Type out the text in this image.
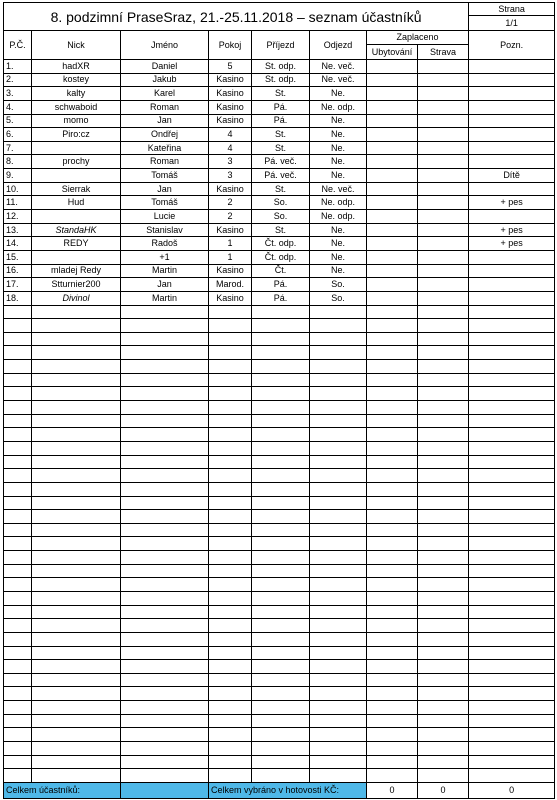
8. podzimní PraseSraz, 21.-25.11.2018 – seznam účastníků								Strana
								1/1
P.Č.	Nick	Jméno	Pokoj	Příjezd	Odjezd	Zaplaceno		Pozn.
						Ubytování	Strava	
1.	hadXR	Daniel	5	St. odp.	Ne. več.			
2.	kostey	Jakub	Kasino	St. odp.	Ne. več.			
3.	kalty	Karel	Kasino	St.	Ne.			
4.	schwaboid	Roman	Kasino	Pá.	Ne. odp.			
5.	momo	Jan	Kasino	Pá.	Ne.			
6.	Piro:cz	Ondřej	4	St.	Ne.			
7.		Kateřina	4	St.	Ne.			
8.	prochy	Roman	3	Pá. več.	Ne.			
9.		Tomáš	3	Pá. več.	Ne.			Dítě
10.	Sierrak	Jan	Kasino	St.	Ne. več.			
11.	Hud	Tomáš	2	So.	Ne. odp.			+ pes
12.		Lucie	2	So.	Ne. odp.			
13.	StandaHK	Stanislav	Kasino	St.	Ne.			+ pes
14.	REDY	Radoš	1	Čt. odp.	Ne.			+ pes
15.		+1	1	Čt. odp.	Ne.			
16.	mladej Redy	Martin	Kasino	Čt.	Ne.			
17.	Stturnier200	Jan	Marod.	Pá.	So.			
18.	Divinol	Martin	Kasino	Pá.	So.			

Celkem účastníků:			Celkem vybráno v hotovosti KČ:			0	0	0
